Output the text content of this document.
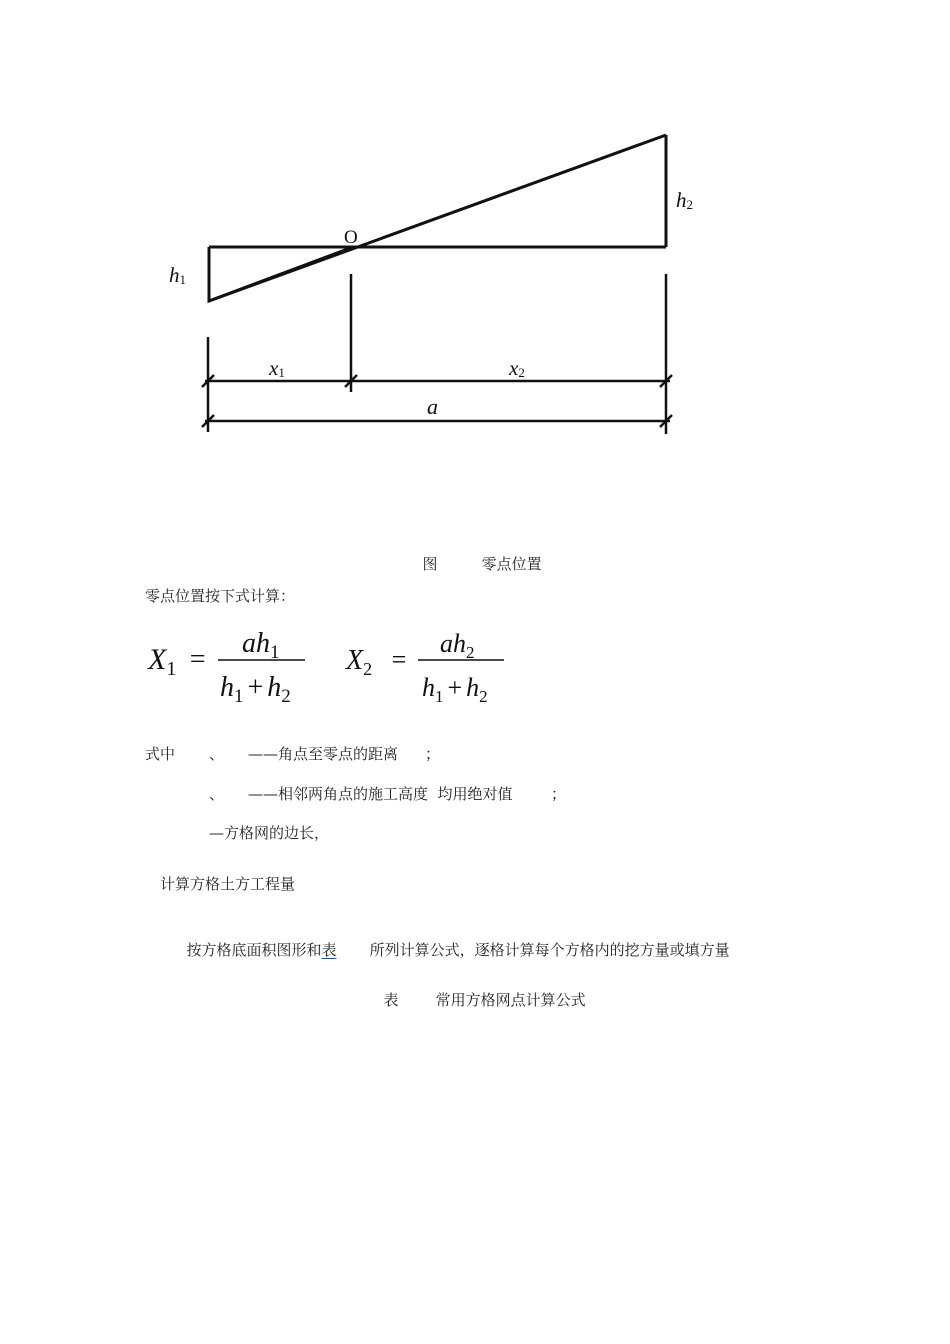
O
h1
h2
x1	x2
a

图	零点位置

零点位置按下式计算：
$X_1$ =
$ah_1$
$h_1 + h_2$
$X_2$ =
$ah_2$
$h_1 + h_2$
式中 、 ——角点至零点的距离 ；
、 ——相邻两角点的施工高度  均用绝对值	；
—方格网的边长，
计算方格土方工程量

按方格底面积图形和表 所列计算公式，逐格计算每个方格内的挖方量或填方量

表 常用方格网点计算公式
